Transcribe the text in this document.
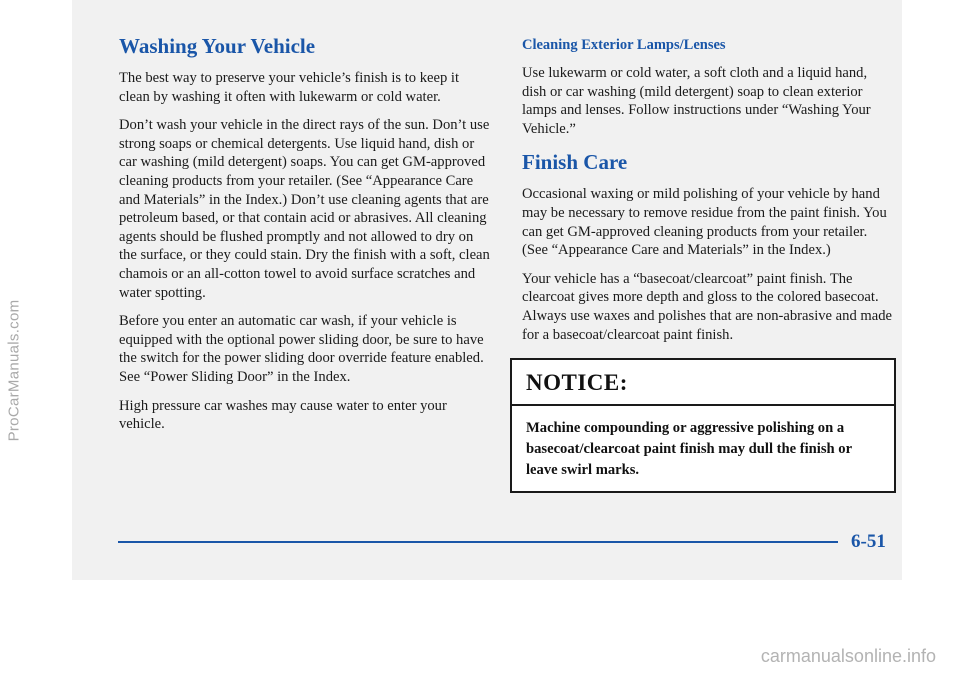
ProCarManuals.com
Washing Your Vehicle

The best way to preserve your vehicle’s finish is to keep it clean by washing it often with lukewarm or cold water.

Don’t wash your vehicle in the direct rays of the sun. Don’t use strong soaps or chemical detergents. Use liquid hand, dish or car washing (mild detergent) soaps. You can get GM-approved cleaning products from your retailer. (See “Appearance Care and Materials” in the Index.) Don’t use cleaning agents that are petroleum based, or that contain acid or abrasives. All cleaning agents should be flushed promptly and not allowed to dry on the surface, or they could stain. Dry the finish with a soft, clean chamois or an all-cotton towel to avoid surface scratches and water spotting.

Before you enter an automatic car wash, if your vehicle is equipped with the optional power sliding door, be sure to have the switch for the power sliding door override feature enabled. See “Power Sliding Door” in the Index.

High pressure car washes may cause water to enter your vehicle.

Cleaning Exterior Lamps/Lenses

Use lukewarm or cold water, a soft cloth and a liquid hand, dish or car washing (mild detergent) soap to clean exterior lamps and lenses. Follow instructions under “Washing Your Vehicle.”

Finish Care

Occasional waxing or mild polishing of your vehicle by hand may be necessary to remove residue from the paint finish. You can get GM-approved cleaning products from your retailer. (See “Appearance Care and Materials” in the Index.)

Your vehicle has a “basecoat/clearcoat” paint finish. The clearcoat gives more depth and gloss to the colored basecoat. Always use waxes and polishes that are non-abrasive and made for a basecoat/clearcoat paint finish.

NOTICE:
Machine compounding or aggressive polishing on a basecoat/clearcoat paint finish may dull the finish or leave swirl marks.
6-51
carmanualsonline.info
